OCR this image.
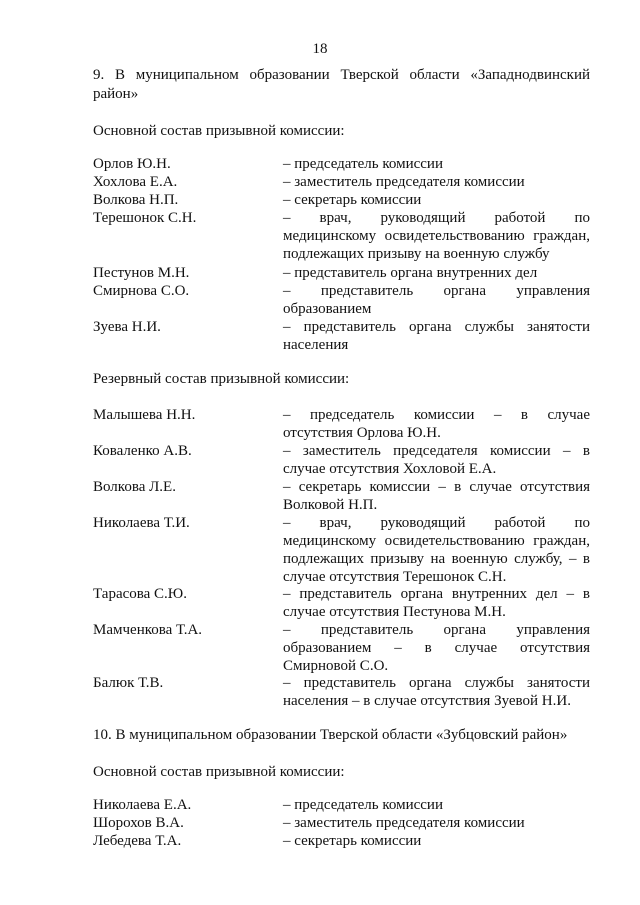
18
9. В муниципальном образовании Тверской области «Западнодвинский
район»
Основной состав призывной комиссии:
Орлов Ю.Н.	– председатель комиссии
Хохлова Е.А.	– заместитель председателя комиссии
Волкова Н.П.	– секретарь комиссии
Терешонок С.Н.	– врач, руководящий работой по
медицинскому освидетельствованию граждан,
подлежащих призыву на военную службу
Пестунов М.Н.	– представитель органа внутренних дел
Смирнова С.О.	– представитель органа управления
образованием
Зуева Н.И.	– представитель органа службы занятости
населения
Резервный состав призывной комиссии:
Малышева Н.Н.	– председатель комиссии – в случае
отсутствия Орлова Ю.Н.
Коваленко А.В.	– заместитель председателя комиссии – в
случае отсутствия Хохловой Е.А.
Волкова Л.Е.	– секретарь комиссии – в случае отсутствия
Волковой Н.П.
Николаева Т.И.	– врач, руководящий работой по
медицинскому освидетельствованию граждан,
подлежащих призыву на военную службу, – в
случае отсутствия Терешонок С.Н.
Тарасова С.Ю.	– представитель органа внутренних дел – в
случае отсутствия Пестунова М.Н.
Мамченкова Т.А.	– представитель органа управления
образованием – в случае отсутствия
Смирновой С.О.
Балюк Т.В.	– представитель органа службы занятости
населения – в случае отсутствия Зуевой Н.И.
10. В муниципальном образовании Тверской области «Зубцовский район»
Основной состав призывной комиссии:
Николаева Е.А.	– председатель комиссии
Шорохов В.А.	– заместитель председателя комиссии
Лебедева Т.А.	– секретарь комиссии
